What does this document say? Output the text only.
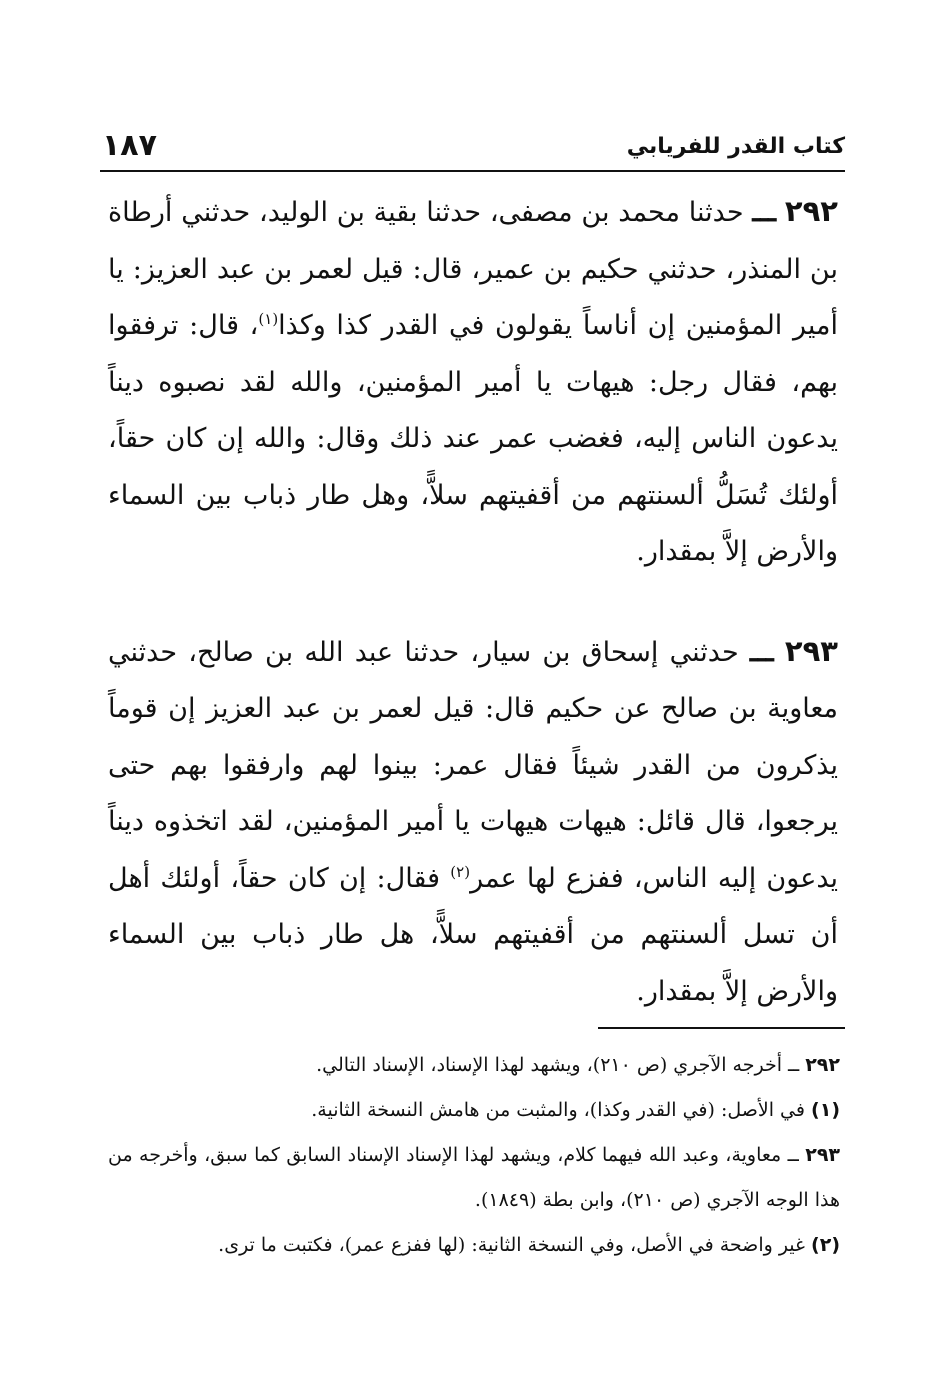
كتاب القدر للفريابي
١٨٧

٢٩٢ ـــ حدثنا محمد بن مصفى، حدثنا بقية بن الوليد، حدثني أرطاة بن المنذر، حدثني حكيم بن عمير، قال: قيل لعمر بن عبد العزيز: يا أمير المؤمنين إن أناساً يقولون في القدر كذا وكذا$^{(١)}$، قال: ترفقوا بهم، فقال رجل: هيهات يا أمير المؤمنين، والله لقد نصبوه ديناً يدعون الناس إليه، فغضب عمر عند ذلك وقال: والله إن كان حقاً، أولئك تُسَلُّ ألسنتهم من أقفيتهم سلاًّ، وهل طار ذباب بين السماء والأرض إلاَّ بمقدار.

٢٩٣ ـــ حدثني إسحاق بن سيار، حدثنا عبد الله بن صالح، حدثني معاوية بن صالح عن حكيم قال: قيل لعمر بن عبد العزيز إن قوماً يذكرون من القدر شيئاً فقال عمر: بينوا لهم وارفقوا بهم حتى يرجعوا، قال قائل: هيهات هيهات يا أمير المؤمنين، لقد اتخذوه ديناً يدعون إليه الناس، ففزع لها عمر$^{(٢)}$ فقال: إن كان حقاً، أولئك أهل أن تسل ألسنتهم من أقفيتهم سلاًّ، هل طار ذباب بين السماء والأرض إلاَّ بمقدار.

٢٩٢ ــ أخرجه الآجري (ص ٢١٠)، ويشهد لهذا الإسناد، الإسناد التالي.

(١) في الأصل: (في القدر وكذا)، والمثبت من هامش النسخة الثانية.

٢٩٣ ــ معاوية، وعبد الله فيهما كلام، ويشهد لهذا الإسناد الإسناد السابق كما سبق، وأخرجه من هذا الوجه الآجري (ص ٢١٠)، وابن بطة (١٨٤٩).

(٢) غير واضحة في الأصل، وفي النسخة الثانية: (لها ففزع عمر)، فكتبت ما ترى.
